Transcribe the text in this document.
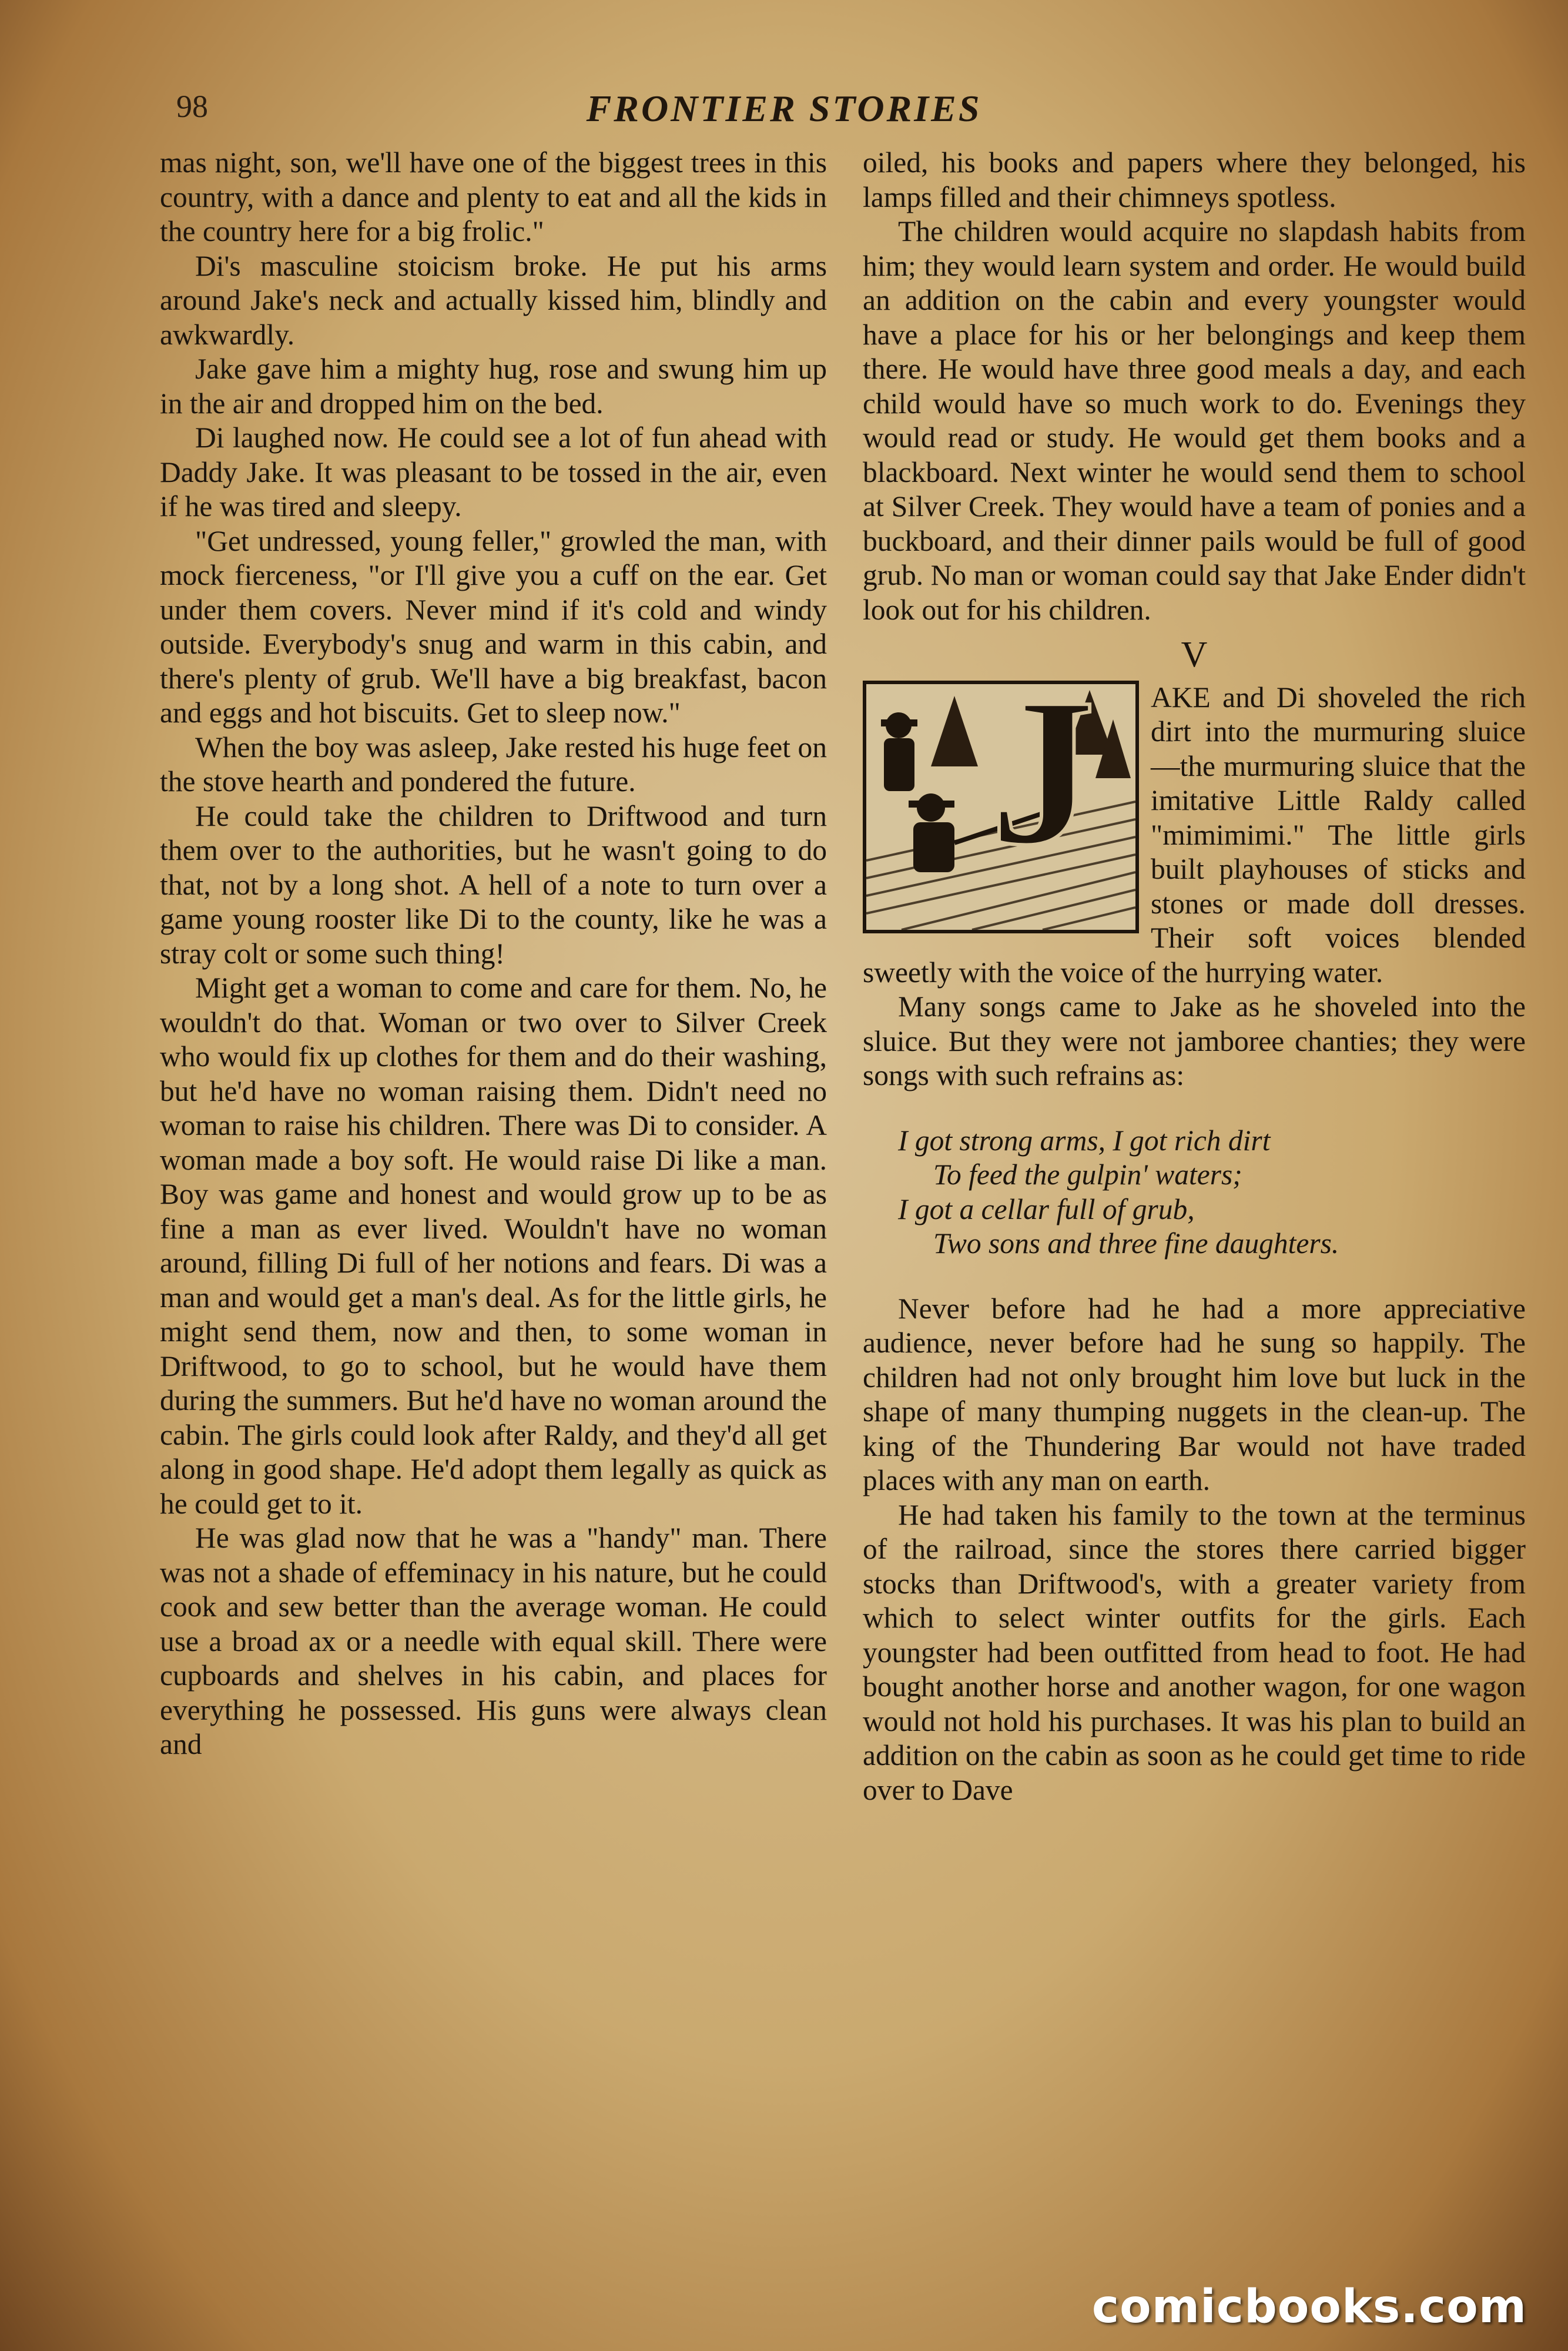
98	FRONTIER STORIES

mas night, son, we'll have one of the biggest trees in this country, with a dance and plenty to eat and all the kids in the country here for a big frolic."

Di's masculine stoicism broke. He put his arms around Jake's neck and actually kissed him, blindly and awkwardly.

Jake gave him a mighty hug, rose and swung him up in the air and dropped him on the bed.

Di laughed now. He could see a lot of fun ahead with Daddy Jake. It was pleasant to be tossed in the air, even if he was tired and sleepy.

"Get undressed, young feller," growled the man, with mock fierceness, "or I'll give you a cuff on the ear. Get under them covers. Never mind if it's cold and windy outside. Everybody's snug and warm in this cabin, and there's plenty of grub. We'll have a big breakfast, bacon and eggs and hot biscuits. Get to sleep now."

When the boy was asleep, Jake rested his huge feet on the stove hearth and pondered the future.

He could take the children to Driftwood and turn them over to the authorities, but he wasn't going to do that, not by a long shot. A hell of a note to turn over a game young rooster like Di to the county, like he was a stray colt or some such thing!

Might get a woman to come and care for them. No, he wouldn't do that. Woman or two over to Silver Creek who would fix up clothes for them and do their washing, but he'd have no woman raising them. Didn't need no woman to raise his children. There was Di to consider. A woman made a boy soft. He would raise Di like a man. Boy was game and honest and would grow up to be as fine a man as ever lived. Wouldn't have no woman around, filling Di full of her notions and fears. Di was a man and would get a man's deal. As for the little girls, he might send them, now and then, to some woman in Driftwood, to go to school, but he would have them during the summers. But he'd have no woman around the cabin. The girls could look after Raldy, and they'd all get along in good shape. He'd adopt them legally as quick as he could get to it.

He was glad now that he was a "handy" man. There was not a shade of effeminacy in his nature, but he could cook and sew better than the average woman. He could use a broad ax or a needle with equal skill. There were cupboards and shelves in his cabin, and places for everything he possessed. His guns were always clean and

oiled, his books and papers where they belonged, his lamps filled and their chimneys spotless.

The children would acquire no slapdash habits from him; they would learn system and order. He would build an addition on the cabin and every youngster would have a place for his or her belongings and keep them there. He would have three good meals a day, and each child would have so much work to do. Evenings they would read or study. He would get them books and a blackboard. Next winter he would send them to school at Silver Creek. They would have a team of ponies and a buckboard, and their dinner pails would be full of good grub. No man or woman could say that Jake Ender didn't look out for his children.

V
J	AKE and Di shoveled the rich dirt into the murmuring sluice—the murmuring sluice that the imitative Little Raldy called "mimimimi." The little girls built playhouses of sticks and stones or made doll dresses. Their soft voices blended sweetly with the voice of the hurrying water.

Many songs came to Jake as he shoveled into the sluice. But they were not jamboree chanties; they were songs with such refrains as:

I got strong arms, I got rich dirt
To feed the gulpin' waters;
I got a cellar full of grub,
Two sons and three fine daughters.

Never before had he had a more appreciative audience, never before had he sung so happily. The children had not only brought him love but luck in the shape of many thumping nuggets in the clean-up. The king of the Thundering Bar would not have traded places with any man on earth.

He had taken his family to the town at the terminus of the railroad, since the stores there carried bigger stocks than Driftwood's, with a greater variety from which to select winter outfits for the girls. Each youngster had been outfitted from head to foot. He had bought another horse and another wagon, for one wagon would not hold his purchases. It was his plan to build an addition on the cabin as soon as he could get time to ride over to Dave

comicbooks.com
